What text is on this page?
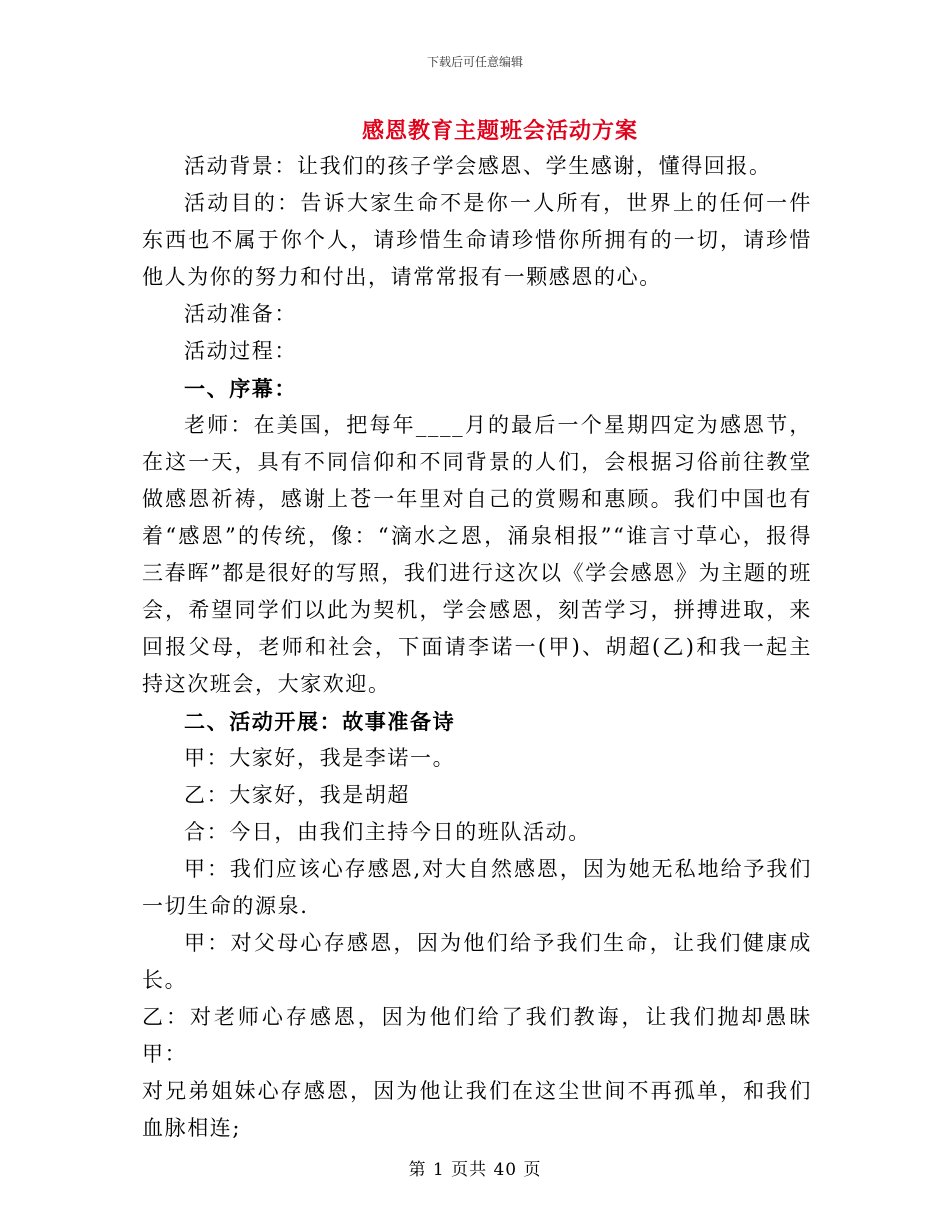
下载后可任意编辑
感恩教育主题班会活动方案

活动背景：让我们的孩子学会感恩、学生感谢，懂得回报。

活动目的：告诉大家生命不是你一人所有，世界上的任何一件东西也不属于你个人，请珍惜生命请珍惜你所拥有的一切，请珍惜他人为你的努力和付出，请常常报有一颗感恩的心。

活动准备：

活动过程：

一、序幕：

老师：在美国，把每年____月的最后一个星期四定为感恩节，在这一天，具有不同信仰和不同背景的人们，会根据习俗前往教堂做感恩祈祷，感谢上苍一年里对自己的赏赐和惠顾。我们中国也有着“感恩”的传统，像：“滴水之恩，涌泉相报”“谁言寸草心，报得三春晖”都是很好的写照，我们进行这次以《学会感恩》为主题的班会，希望同学们以此为契机，学会感恩，刻苦学习，拼搏进取，来回报父母，老师和社会，下面请李诺一(甲)、胡超(乙)和我一起主持这次班会，大家欢迎。

二、活动开展：故事准备诗

甲：大家好，我是李诺一。

乙：大家好，我是胡超

合：今日，由我们主持今日的班队活动。

甲：我们应该心存感恩,对大自然感恩，因为她无私地给予我们一切生命的源泉.

甲：对父母心存感恩，因为他们给予我们生命，让我们健康成长。

乙：对老师心存感恩，因为他们给了我们教诲，让我们抛却愚昧甲：

对兄弟姐妹心存感恩，因为他让我们在这尘世间不再孤单，和我们血脉相连;

第 1 页共 40 页
